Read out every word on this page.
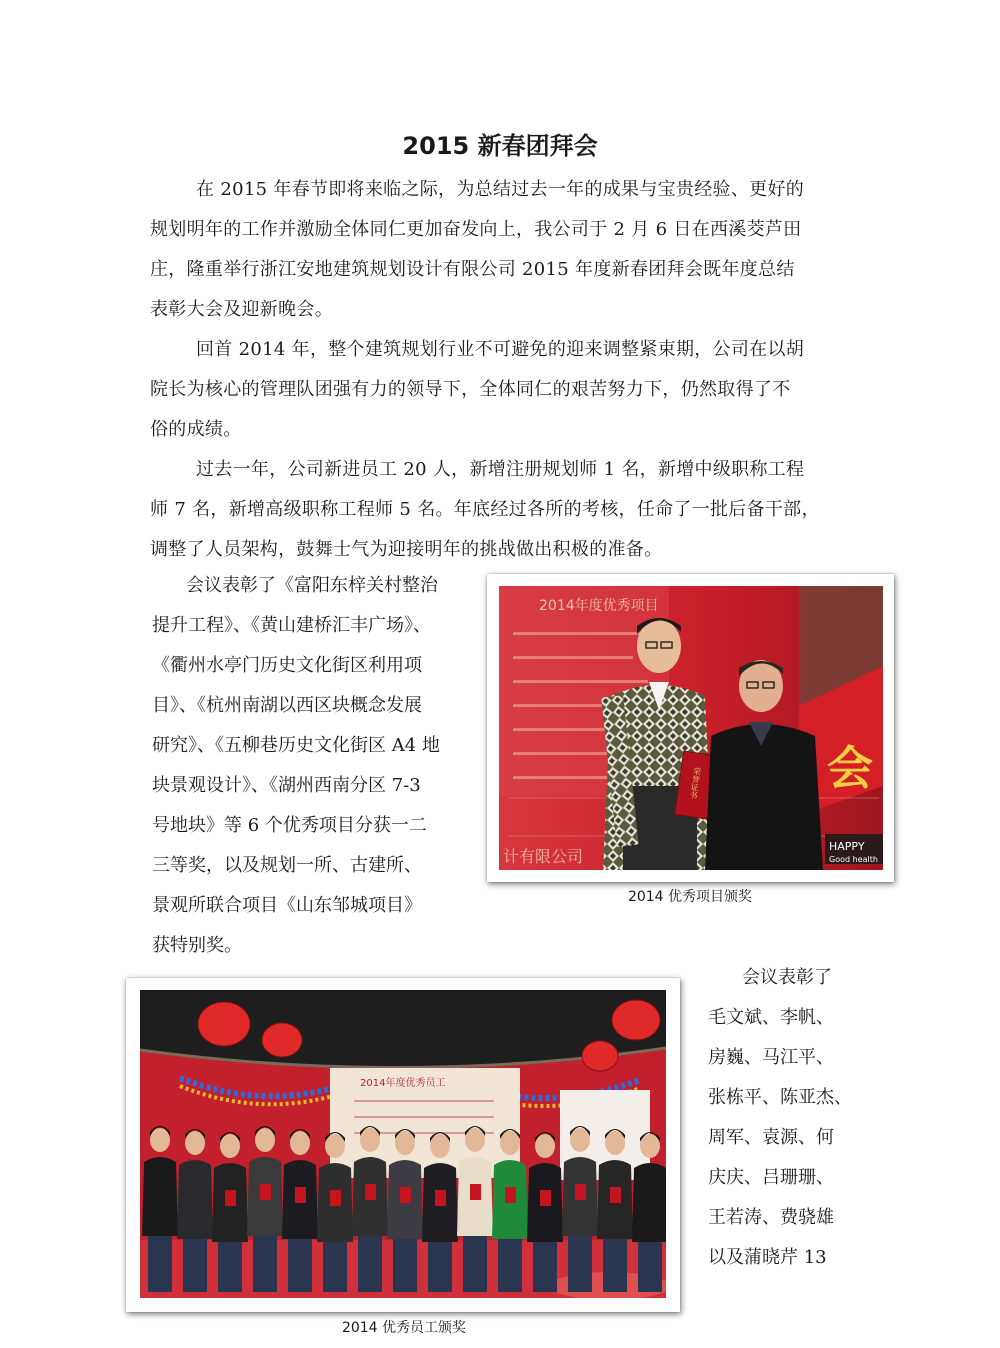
2015 新春团拜会
在 2015 年春节即将来临之际，为总结过去一年的成果与宝贵经验、更好的
规划明年的工作并激励全体同仁更加奋发向上，我公司于 2 月 6 日在西溪茭芦田
庄，隆重举行浙江安地建筑规划设计有限公司 2015 年度新春团拜会既年度总结
表彰大会及迎新晚会。
回首 2014 年，整个建筑规划行业不可避免的迎来调整紧束期，公司在以胡
院长为核心的管理队团强有力的领导下，全体同仁的艰苦努力下，仍然取得了不
俗的成绩。
过去一年，公司新进员工 20 人，新增注册规划师 1 名，新增中级职称工程
师 7 名，新增高级职称工程师 5 名。年底经过各所的考核，任命了一批后备干部，
调整了人员架构，鼓舞士气为迎接明年的挑战做出积极的准备。
会议表彰了《富阳东梓关村整治
提升工程》、《黄山建桥汇丰广场》、
《衢州水亭门历史文化街区利用项
目》、《杭州南湖以西区块概念发展
研究》、《五柳巷历史文化街区 A4 地
块景观设计》、《湖州西南分区 7-3
号地块》等 6 个优秀项目分获一二
三等奖，以及规划一所、古建所、
景观所联合项目《山东邹城项目》
获特别奖。
会议表彰了
毛文斌、李帆、
房巍、马江平、
张栋平、陈亚杰、
周军、袁源、何
庆庆、吕珊珊、
王若涛、费骁雄
以及蒲晓芹 13
2014年度优秀项目
计有限公司
会
HAPPY
Good health
荣誉证书

2014 优秀项目颁奖

2014年度优秀员工

2014 优秀员工颁奖
